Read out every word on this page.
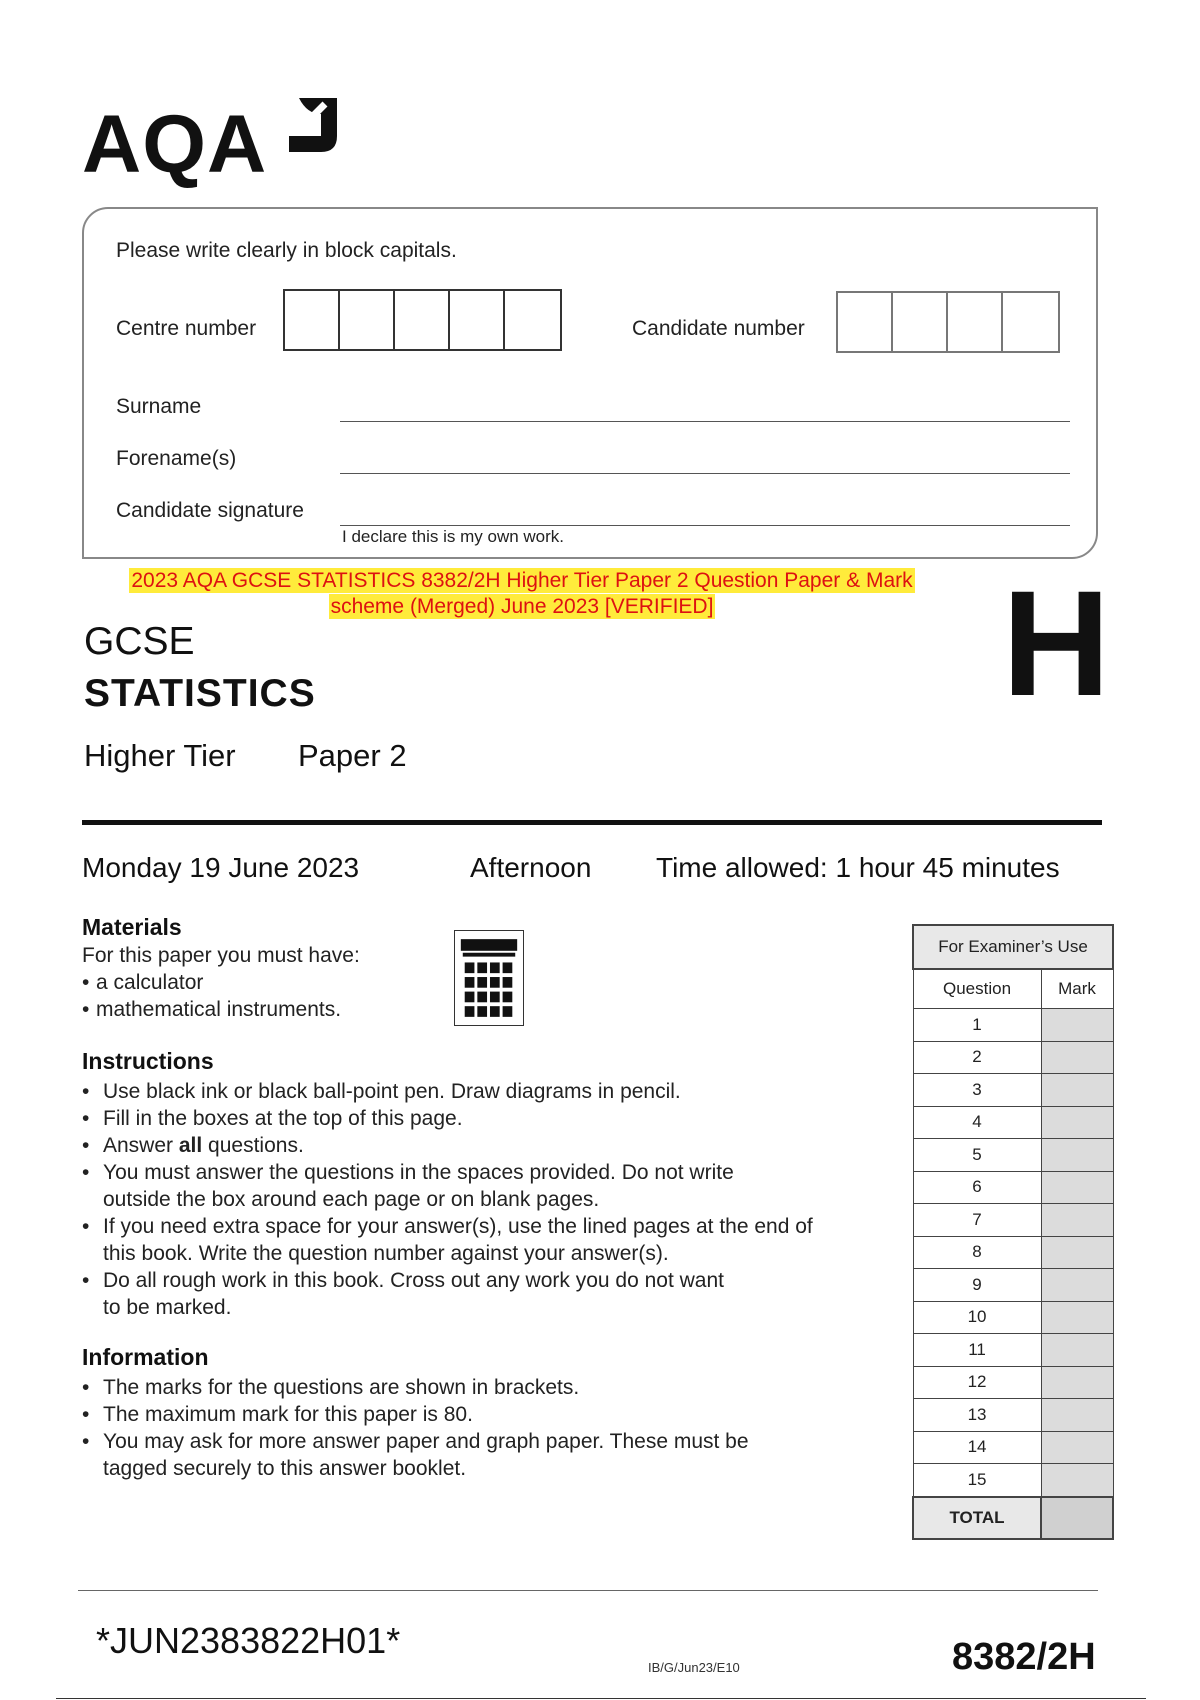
AQA
Please write clearly in block capitals.
Centre number	Candidate number
Surname
Forename(s)
Candidate signature
I declare this is my own work.
2023 AQA GCSE STATISTICS 8382/2H Higher Tier Paper 2 Question Paper & Mark
scheme (Merged) June 2023 [VERIFIED]
GCSE
STATISTICS
Higher Tier Paper 2
H
Monday 19 June 2023	Afternoon Time allowed: 1 hour 45 minutes
Materials
For this paper you must have:
• a calculator
• mathematical instruments.
Instructions
• Use black ink or black ball-point pen. Draw diagrams in pencil.
• Fill in the boxes at the top of this page.
• Answer all questions.
• You must answer the questions in the spaces provided. Do not write
outside the box around each page or on blank pages.
• If you need extra space for your answer(s), use the lined pages at the end of
this book. Write the question number against your answer(s).
• Do all rough work in this book. Cross out any work you do not want
to be marked.
Information
• The marks for the questions are shown in brackets.
• The maximum mark for this paper is 80.
• You may ask for more answer paper and graph paper. These must be
tagged securely to this answer booklet.
For Examiner’s Use	
Question	Mark
1	
2	
3	
4	
5	
6	
7	
8	
9	
10	
11	
12	
13	
14	
15	
TOTAL	
*JUN2383822H01*
IB/G/Jun23/E10	8382/2H
